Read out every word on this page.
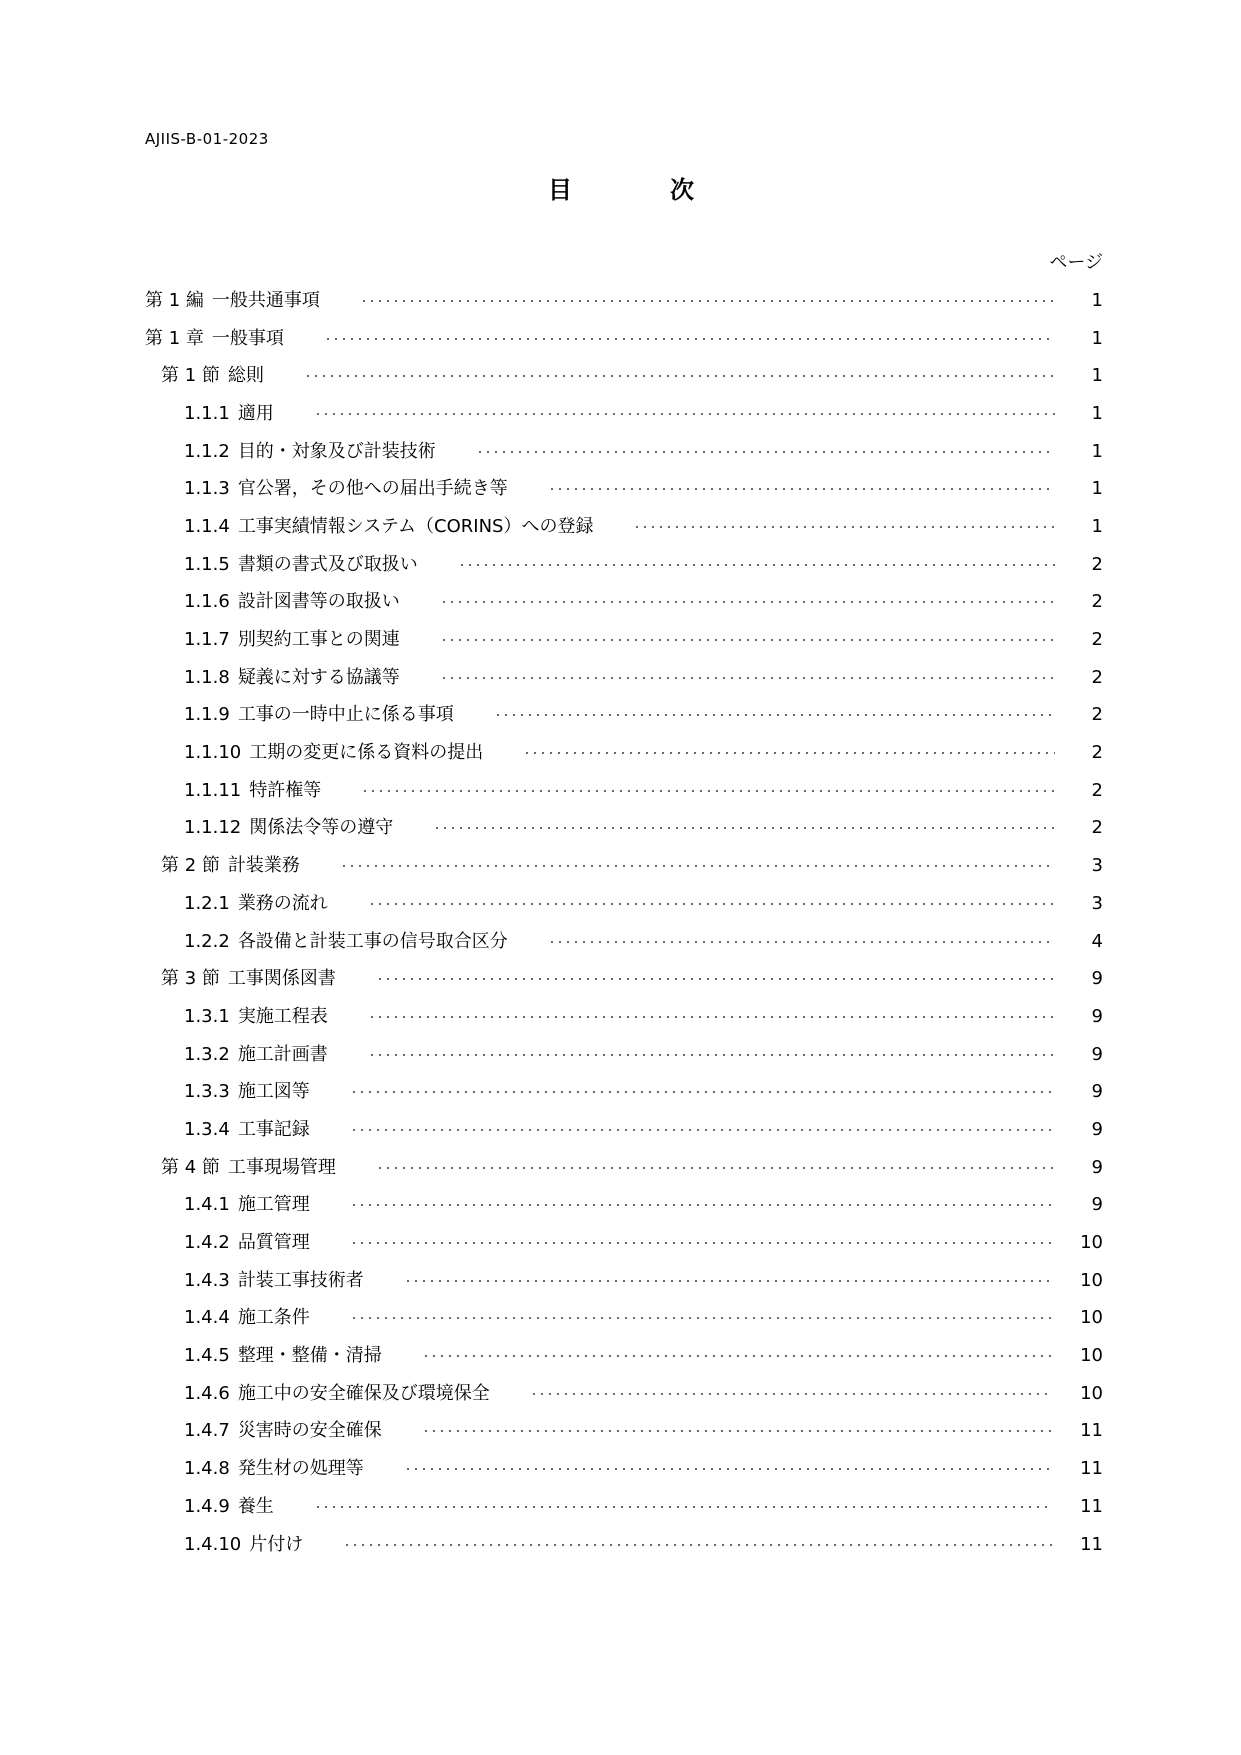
AJIIS-B-01-2023
目	次
ページ
第 1 編 一般共通事項	1
第 1 章 一般事項	1
第 1 節 総則	1
1.1.1 適用	1
1.1.2 目的・対象及び計装技術	1
1.1.3 官公署，その他への届出手続き等	1
1.1.4 工事実績情報システム（CORINS）への登録	1
1.1.5 書類の書式及び取扱い	2
1.1.6 設計図書等の取扱い	2
1.1.7 別契約工事との関連	2
1.1.8 疑義に対する協議等	2
1.1.9 工事の一時中止に係る事項	2
1.1.10 工期の変更に係る資料の提出	2
1.1.11 特許権等	2
1.1.12 関係法令等の遵守	2
第 2 節 計装業務	3
1.2.1 業務の流れ	3
1.2.2 各設備と計装工事の信号取合区分	4
第 3 節 工事関係図書	9
1.3.1 実施工程表	9
1.3.2 施工計画書	9
1.3.3 施工図等	9
1.3.4 工事記録	9
第 4 節 工事現場管理	9
1.4.1 施工管理	9
1.4.2 品質管理	10
1.4.3 計装工事技術者	10
1.4.4 施工条件	10
1.4.5 整理・整備・清掃	10
1.4.6 施工中の安全確保及び環境保全	10
1.4.7 災害時の安全確保	11
1.4.8 発生材の処理等	11
1.4.9 養生	11
1.4.10 片付け	11
